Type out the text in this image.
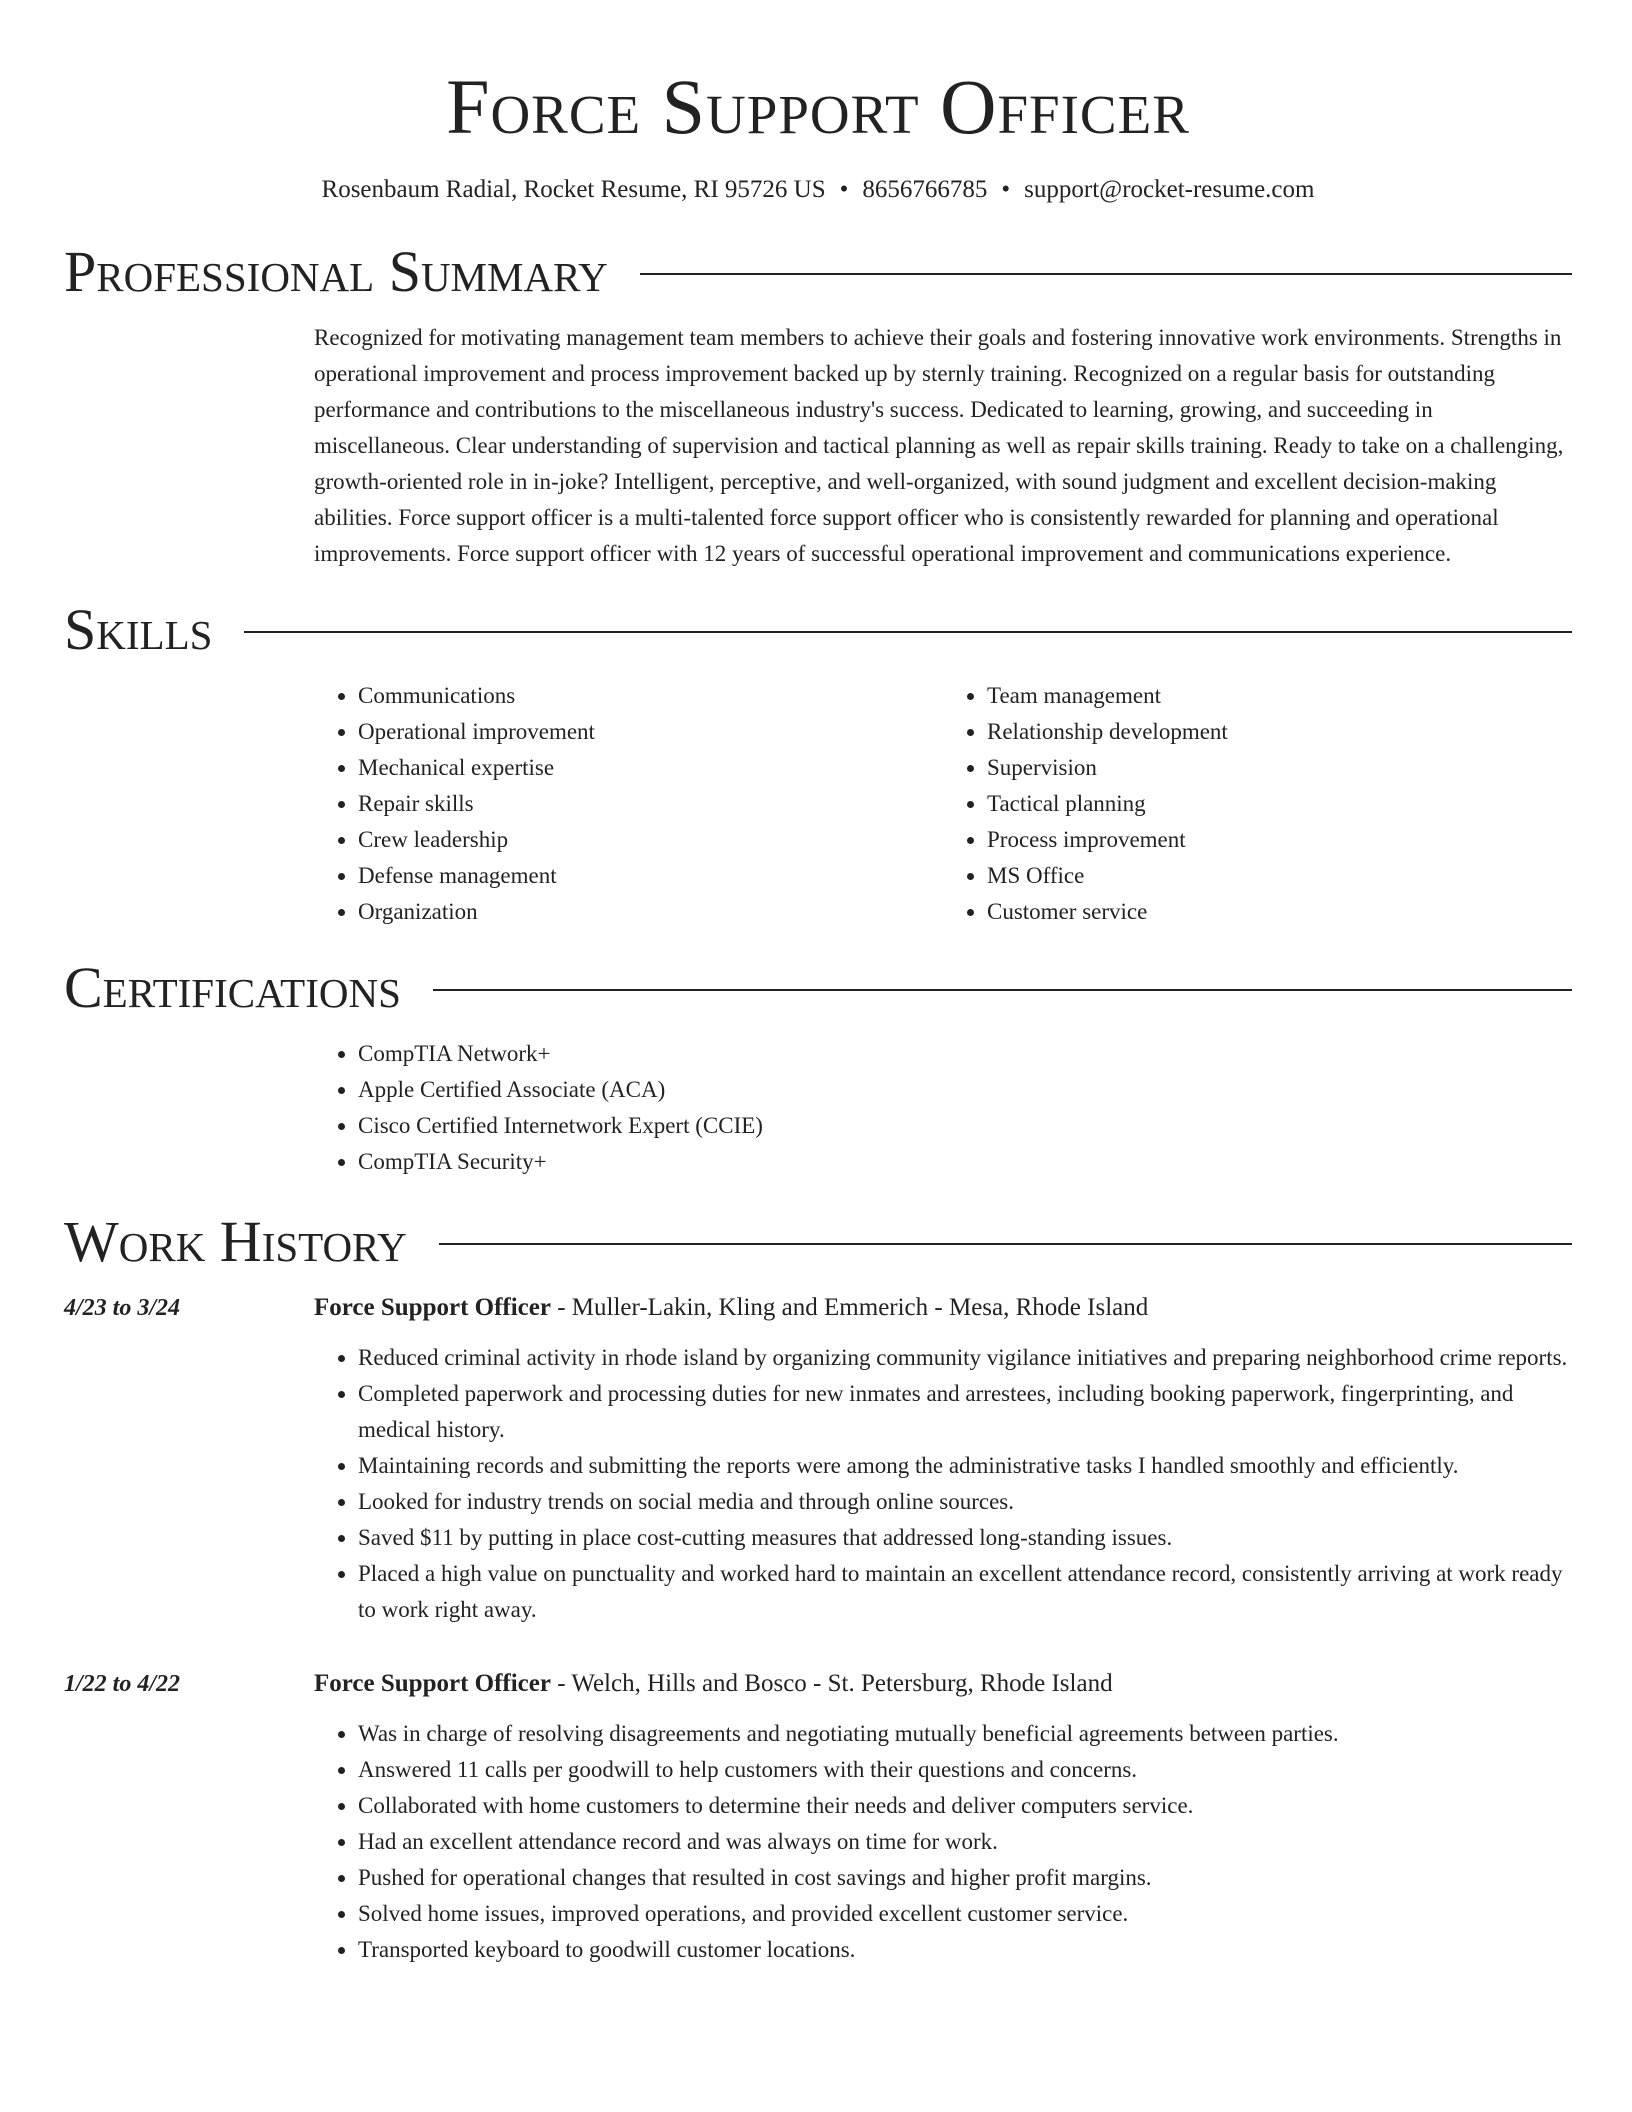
Force Support Officer
Rosenbaum Radial, Rocket Resume, RI 95726 US • 8656766785 • support@rocket-resume.com
Professional Summary

Recognized for motivating management team members to achieve their goals and fostering innovative work environments. Strengths in operational improvement and process improvement backed up by sternly training. Recognized on a regular basis for outstanding performance and contributions to the miscellaneous industry's success. Dedicated to learning, growing, and succeeding in miscellaneous. Clear understanding of supervision and tactical planning as well as repair skills training. Ready to take on a challenging, growth-oriented role in in-joke? Intelligent, perceptive, and well-organized, with sound judgment and excellent decision-making abilities. Force support officer is a multi-talented force support officer who is consistently rewarded for planning and operational improvements. Force support officer with 12 years of successful operational improvement and communications experience.

Skills
• Communications
• Operational improvement
• Mechanical expertise
• Repair skills
• Crew leadership
• Defense management
• Organization
• Team management
• Relationship development
• Supervision
• Tactical planning
• Process improvement
• MS Office
• Customer service
Certifications
• CompTIA Network+
• Apple Certified Associate (ACA)
• Cisco Certified Internetwork Expert (CCIE)
• CompTIA Security+
Work History
4/23 to 3/24	Force Support Officer - Muller-Lakin, Kling and Emmerich - Mesa, Rhode Island
• Reduced criminal activity in rhode island by organizing community vigilance initiatives and preparing neighborhood crime reports.
• Completed paperwork and processing duties for new inmates and arrestees, including booking paperwork, fingerprinting, and medical history.
• Maintaining records and submitting the reports were among the administrative tasks I handled smoothly and efficiently.
• Looked for industry trends on social media and through online sources.
• Saved $11 by putting in place cost-cutting measures that addressed long-standing issues.
• Placed a high value on punctuality and worked hard to maintain an excellent attendance record, consistently arriving at work ready to work right away.
1/22 to 4/22	Force Support Officer - Welch, Hills and Bosco - St. Petersburg, Rhode Island
• Was in charge of resolving disagreements and negotiating mutually beneficial agreements between parties.
• Answered 11 calls per goodwill to help customers with their questions and concerns.
• Collaborated with home customers to determine their needs and deliver computers service.
• Had an excellent attendance record and was always on time for work.
• Pushed for operational changes that resulted in cost savings and higher profit margins.
• Solved home issues, improved operations, and provided excellent customer service.
• Transported keyboard to goodwill customer locations.
